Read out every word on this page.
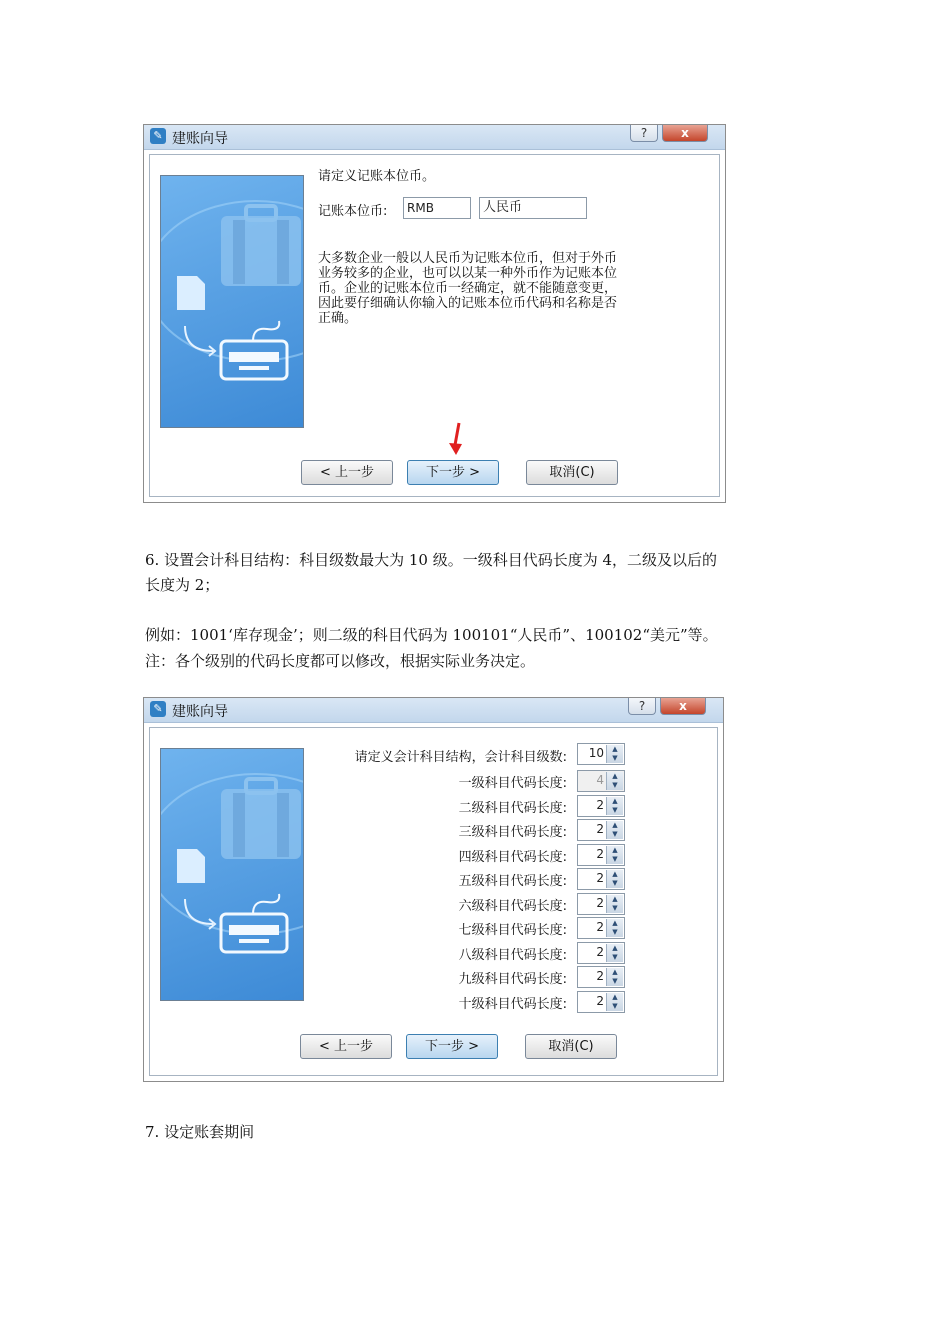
✎ 建账向导	?	x
请定义记账本位币。
记账本位币:	RMB	人民币
大多数企业一般以人民币为记账本位币，但对于外币业务较多的企业，也可以以某一种外币作为记账本位币。企业的记账本位币一经确定，就不能随意变更，因此要仔细确认你输入的记账本位币代码和名称是否正确。
< 上一步	下一步 >	取消(C)
6. 设置会计科目结构：科目级数最大为 10 级。一级科目代码长度为 4，二级及以后的
长度为 2；
例如：1001‘库存现金’；则二级的科目代码为 100101“人民币”、100102“美元”等。
注：各个级别的代码长度都可以修改，根据实际业务决定。
✎ 建账向导	?	x
请定义会计科目结构，会计科目级数: 10	▲
▼
一级科目代码长度: 4	▲
▼
二级科目代码长度: 2	▲
▼
三级科目代码长度: 2	▲
▼
四级科目代码长度: 2	▲
▼
五级科目代码长度: 2	▲
▼
六级科目代码长度: 2	▲
▼
七级科目代码长度: 2	▲
▼
八级科目代码长度: 2	▲
▼
九级科目代码长度: 2	▲
▼
十级科目代码长度: 2	▲
▼
< 上一步	下一步 >	取消(C)
7. 设定账套期间
